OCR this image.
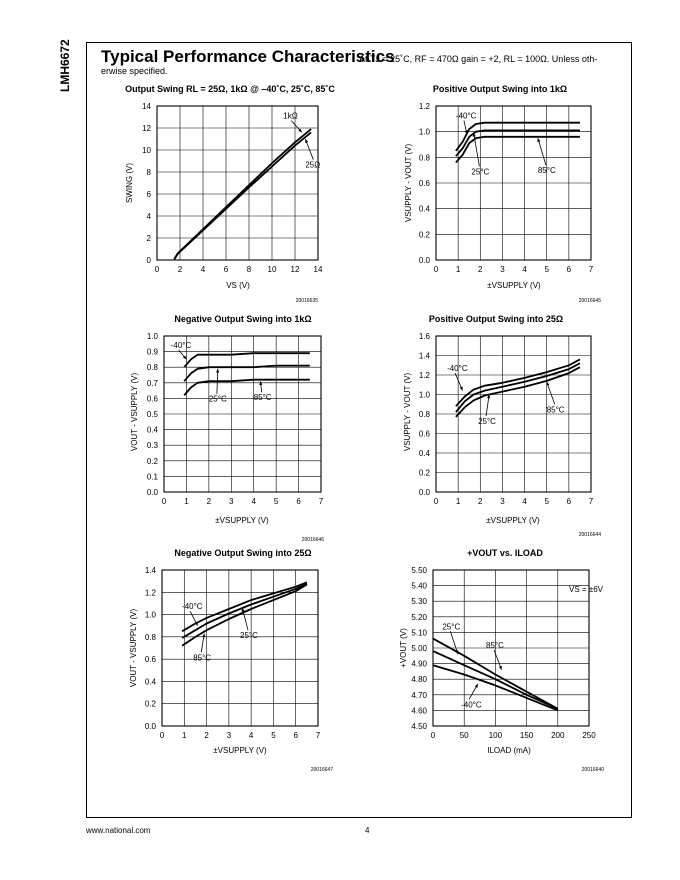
LMH6672 Typical Performance Characteristics
At TJ = 25˚C, RF = 470Ω gain = +2, RL = 100Ω. Unless oth-
erwise specified.
www.national.com	4
Output Swing RL = 25Ω, 1kΩ @ –40˚C, 25˚C, 85˚C
0 2 4 6 8 10 12 14
0
2
4
6
8
10
12
14
VS (V)
SWING (V)
20016635
1kΩ
25Ω
Positive Output Swing into 1kΩ
0 1 2 3 4 5 6 7
0.0
0.2
0.4
0.6
0.8
1.0
1.2
±VSUPPLY (V)
VSUPPLY - VOUT (V)
20016645
-40°C
25°C	85°C
Negative Output Swing into 1kΩ
0 1 2 3 4 5 6 7
0.0
0.1
0.2
0.3
0.4
0.5
0.6
0.7
0.8
0.9
1.0
±VSUPPLY (V)
VOUT - VSUPPLY (V)
20016646
-40°C
25°C	85°C
Positive Output Swing into 25Ω
0 1 2 3 4 5 6 7
0.0
0.2
0.4
0.6
0.8
1.0
1.2
1.4
1.6
±VSUPPLY (V)
VSUPPLY - VOUT (V)
20016644
-40°C
25°C
85°C
Negative Output Swing into 25Ω
0 1 2 3 4 5 6 7
0.0
0.2
0.4
0.6
0.8
1.0
1.2
1.4
±VSUPPLY (V)
VOUT - VSUPPLY (V)
20016647
-40°C
25°C
85°C
+VOUT vs. ILOAD
0	50	100 150 200 250
4.50
4.60
4.70
4.80
4.90
5.00
5.10
5.20
5.30
5.40
5.50
ILOAD (mA)
+VOUT (V)
20016640
VS = ±6V
25°C
85°C
-40°C
